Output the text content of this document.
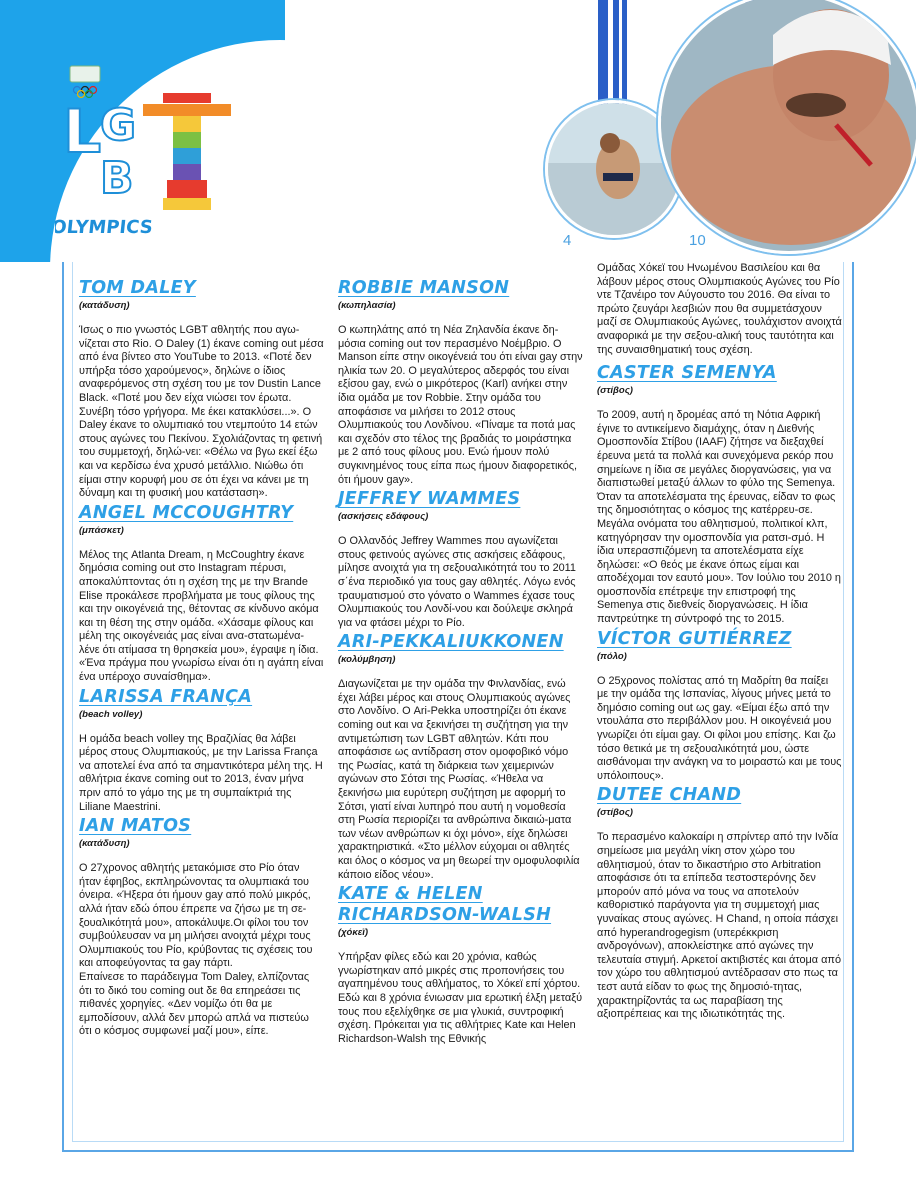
L
G
B
OLYMPICS
4	10
TOM DALEY
(κατάδυση)

Ίσως ο πιο γνωστός LGBT αθλητής που αγω-νίζεται στο Rio. Ο Daley (1) έκανε coming out μέσα από ένα βίντεο στο YouTube το 2013. «Ποτέ δεν υπήρξα τόσο χαρούμενος», δηλώνε ο ίδιος αναφερόμενος στη σχέση του με τον Dustin Lance Black. «Ποτέ μου δεν είχα νιώσει τον έρωτα. Συνέβη τόσο γρήγορα. Με έκει κατακλύσει...». Ο Daley έκανε το ολυμπιακό του ντεμπούτο 14 ετών στους αγώνες του Πεκίνου. Σχολιάζοντας τη φετινή του συμμετοχή, δηλώ-νει: «Θέλω να βγω εκεί έξω και να κερδίσω ένα χρυσό μετάλλιο. Νιώθω ότι είμαι στην κορυφή μου σε ότι έχει να κάνει με τη δύναμη και τη φυσική μου κατάσταση».

ANGEL MCCOUGHTRY
(μπάσκετ)

Μέλος της Atlanta Dream, η McCoughtry έκανε δημόσια coming out στο Instagram πέρυσι, αποκαλύπτοντας ότι η σχέση της με την Brande Elise προκάλεσε προβλήματα με τους φίλους της και την οικογένειά της, θέτοντας σε κίνδυνο ακόμα και τη θέση της στην ομάδα. «Χάσαμε φίλους και μέλη της οικογένειάς μας είναι ανα-στατωμένα- λένε ότι ατίμασα τη θρησκεία μου», έγραψε η ίδια. «Ένα πράγμα που γνωρίσω είναι ότι η αγάπη είναι ένα υπέροχο συναίσθημα».

LARISSA FRANÇA
(beach volley)

Η ομάδα beach volley της Βραζιλίας θα λάβει μέρος στους Ολυμπιακούς, με την Larissa França να αποτελεί ένα από τα σημαντικότερα μέλη της. Η αθλήτρια έκανε coming out το 2013, έναν μήνα πριν από το γάμο της με τη συμπαίκτριά της Liliane Maestrini.

IAN MATOS
(κατάδυση)

Ο 27χρονος αθλητής μετακόμισε στο Ρίο όταν ήταν έφηβος, εκπληρώνοντας τα ολυμπιακά του όνειρα. «Ήξερα ότι ήμουν gay από πολύ μικρός, αλλά ήταν εδώ όπου έπρεπε να ζήσω με τη σε-ξουαλικότητά μου», αποκάλυψε.Οι φίλοι του τον συμβούλευσαν να μη μιλήσει ανοιχτά μέχρι τους Ολυμπιακούς του Ρίο, κρύβοντας τις σχέσεις του και αποφεύγοντας τα gay πάρτι.

Επαίνεσε το παράδειγμα Tom Daley, ελπίζοντας ότι το δικό του coming out δε θα επηρεάσει τις πιθανές χορηγίες. «Δεν νομίζω ότι θα με εμποδίσουν, αλλά δεν μπορώ απλά να πιστεύω ότι ο κόσμος συμφωνεί μαζί μου», είπε.

ROBBIE MANSON
(κωπηλασία)

Ο κωπηλάτης από τη Νέα Ζηλανδία έκανε δη-μόσια coming out τον περασμένο Νοέμβριο. Ο Manson είπε στην οικογένειά του ότι είναι gay στην ηλικία των 20. Ο μεγαλύτερος αδερφός του είναι εξίσου gay, ενώ ο μικρότερος (Karl) ανήκει στην ίδια ομάδα με τον Robbie. Στην ομάδα του αποφάσισε να μιλήσει το 2012 στους Ολυμπιακούς του Λονδίνου. «Πίναμε τα ποτά μας και σχεδόν στο τέλος της βραδιάς το μοιράστηκα με 2 από τους φίλους μου. Ενώ ήμουν πολύ συγκινημένος τους είπα πως ήμουν διαφορετικός, ότι ήμουν gay».

JEFFREY WAMMES
(ασκήσεις εδάφους)

Ο Ολλανδός Jeffrey Wammes που αγωνίζεται στους φετινούς αγώνες στις ασκήσεις εδάφους, μίλησε ανοιχτά για τη σεξουαλικότητά του το 2011 σ΄ένα περιοδικό για τους gay αθλητές. Λόγω ενός τραυματισμού στο γόνατο ο Wammes έχασε τους Ολυμπιακούς του Λονδί-νου και δούλεψε σκληρά για να φτάσει μέχρι το Ρίο.

ARI-PEKKALIUKKONEN
(κολύμβηση)

Διαγωνίζεται με την ομάδα την Φινλανδίας, ενώ έχει λάβει μέρος και στους Ολυμπιακούς αγώνες στο Λονδίνο. Ο Ari-Pekka υποστηρίζει ότι έκανε coming out και να ξεκινήσει τη συζήτηση για την αντιμετώπιση των LGBT αθλητών. Κάτι που αποφάσισε ως αντίδραση στον ομοφοβικό νόμο της Ρωσίας, κατά τη διάρκεια των χειμερινών αγώνων στο Σότσι της Ρωσίας. «Ήθελα να ξεκινήσω μια ευρύτερη συζήτηση με αφορμή το Σότσι, γιατί είναι λυπηρό που αυτή η νομοθεσία στη Ρωσία περιορίζει τα ανθρώπινα δικαιώ-ματα των νέων ανθρώπων κι όχι μόνο», είχε δηλώσει χαρακτηριστικά. «Στο μέλλον εύχομαι οι αθλητές και όλος ο κόσμος να μη θεωρεί την ομοφυλοφιλία κάποιο είδος νέου».

KATE & HELEN RICHARDSON-WALSH
(χόκεϊ)

Υπήρξαν φίλες εδώ και 20 χρόνια, καθώς γνωρίστηκαν από μικρές στις προπονήσεις του αγαπημένου τους αθλήματος, το Χόκεϊ επί χόρτου. Εδώ και 8 χρόνια ένιωσαν μια ερωτική έλξη μεταξύ τους που εξελίχθηκε σε μια γλυκιά, συντροφική σχέση. Πρόκειται για τις αθλήτριες Kate και Helen Richardson-Walsh της Εθνικής

Ομάδας Χόκεϊ του Ηνωμένου Βασιλείου και θα λάβουν μέρος στους Ολυμπιακούς Αγώνες του Ρίο ντε Τζανέιρο τον Αύγουστο του 2016. Θα είναι το πρώτο ζευγάρι λεσβιών που θα συμμετάσχουν μαζί σε Ολυμπιακούς Αγώνες, τουλάχιστον ανοιχτά αναφορικά με την σεξου-αλική τους ταυτότητα και της συναισθηματική τους σχέση.

CASTER SEMENYA
(στίβος)

Το 2009, αυτή η δρομέας από τη Νότια Αφρική έγινε το αντικείμενο διαμάχης, όταν η Διεθνής Ομοσπονδία Στίβου (IAAF) ζήτησε να διεξαχθεί έρευνα μετά τα πολλά και συνεχόμενα ρεκόρ που σημείωνε η ίδια σε μεγάλες διοργανώσεις, για να διαπιστωθεί μεταξύ άλλων το φύλο της Semenya.

Όταν τα αποτελέσματα της έρευνας, είδαν το φως της δημοσιότητας ο κόσμος της κατέρρευ-σε. Μεγάλα ονόματα του αθλητισμού, πολιτικοί κλπ, κατηγόρησαν την ομοσπονδία για ρατσι-σμό. Η ίδια υπερασπιζόμενη τα αποτελέσματα είχε δηλώσει: «Ο θεός με έκανε όπως είμαι και αποδέχομαι τον εαυτό μου». Τον Ιούλιο του 2010 η ομοσπονδία επέτρεψε την επιστροφή της Semenya στις διεθνείς διοργανώσεις. Η ίδια παντρεύτηκε τη σύντροφό της το 2015.

VÍCTOR GUTIÉRREZ
(πόλο)

Ο 25χρονος πολίστας από τη Μαδρίτη θα παίξει με την ομάδα της Ισπανίας, λίγους μήνες μετά το δημόσιο coming out ως gay. «Είμαι έξω από την ντουλάπα στο περιβάλλον μου. Η οικογένειά μου γνωρίζει ότι είμαι gay. Οι φίλοι μου επίσης. Και ζω τόσο θετικά με τη σεξουαλικότητά μου, ώστε αισθάνομαι την ανάγκη να το μοιραστώ και με τους υπόλοιπους».

DUTEE CHAND
(στίβος)

Το περασμένο καλοκαίρι η σπρίντερ από την Ινδία σημείωσε μια μεγάλη νίκη στον χώρο του αθλητισμού, όταν το δικαστήριο στο Arbitration αποφάσισε ότι τα επίπεδα τεστοστερόνης δεν μπορούν από μόνα να τους να αποτελούν καθοριστικό παράγοντα για τη συμμετοχή μιας γυναίκας στους αγώνες. Η Chand, η οποία πάσχει από hyperandrogegism (υπερέκκριση ανδρογόνων), αποκλείστηκε από αγώνες την τελευταία στιγμή. Αρκετοί ακτιβιστές και άτομα από τον χώρο του αθλητισμού αντέδρασαν στο πως τα τεστ αυτά είδαν το φως της δημοσιό-τητας, χαρακτηρίζοντάς τα ως παραβίαση της αξιοπρέπειας και της ιδιωτικότητάς της.
